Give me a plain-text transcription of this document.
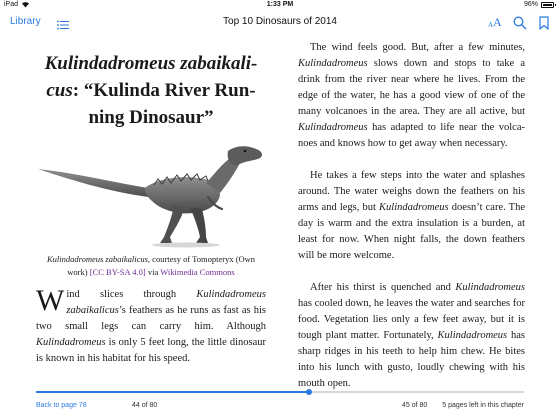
iPad	1:33 PM	96%
Library	Top 10 Dinosaurs of 2014	A A
Kulindadromeus zabaikali-cus: “Kulinda River Running Dinosaur”
Kulindadromeus zabaikalicus, courtesy of Tomopteryx (Own work) [CC BY-SA 4.0] via Wikimedia Commons
Wind slices through Kulindadromeus zabaikalicus’s feathers as he runs as fast as his two small legs can carry him. Although Kulindadromeus is only 5 feet long, the little dinosaur is known in his habitat for his speed.
The wind feels good. But, after a few minutes, Kulindadromeus slows down and stops to take a drink from the river near where he lives. From the edge of the water, he has a good view of one of the many volcanoes in the area. They are all active, but Kulindadromeus has adapted to life near the volcanoes and knows how to get away when necessary.
He takes a few steps into the water and splashes around. The water weighs down the feathers on his arms and legs, but Kulindadromeus doesn’t care. The day is warm and the extra insulation is a burden, at least for now. When night falls, the down feathers will be more welcome.
After his thirst is quenched and Kulindadromeus has cooled down, he leaves the water and searches for food. Vegetation lies only a few feet away, but it is tough plant matter. Fortunately, Kulindadromeus has sharp ridges in his teeth to help him chew. He bites into his lunch with gusto, loudly chewing with his mouth open.
Back to page 78	44 of 80	45 of 80 5 pages left in this chapter
